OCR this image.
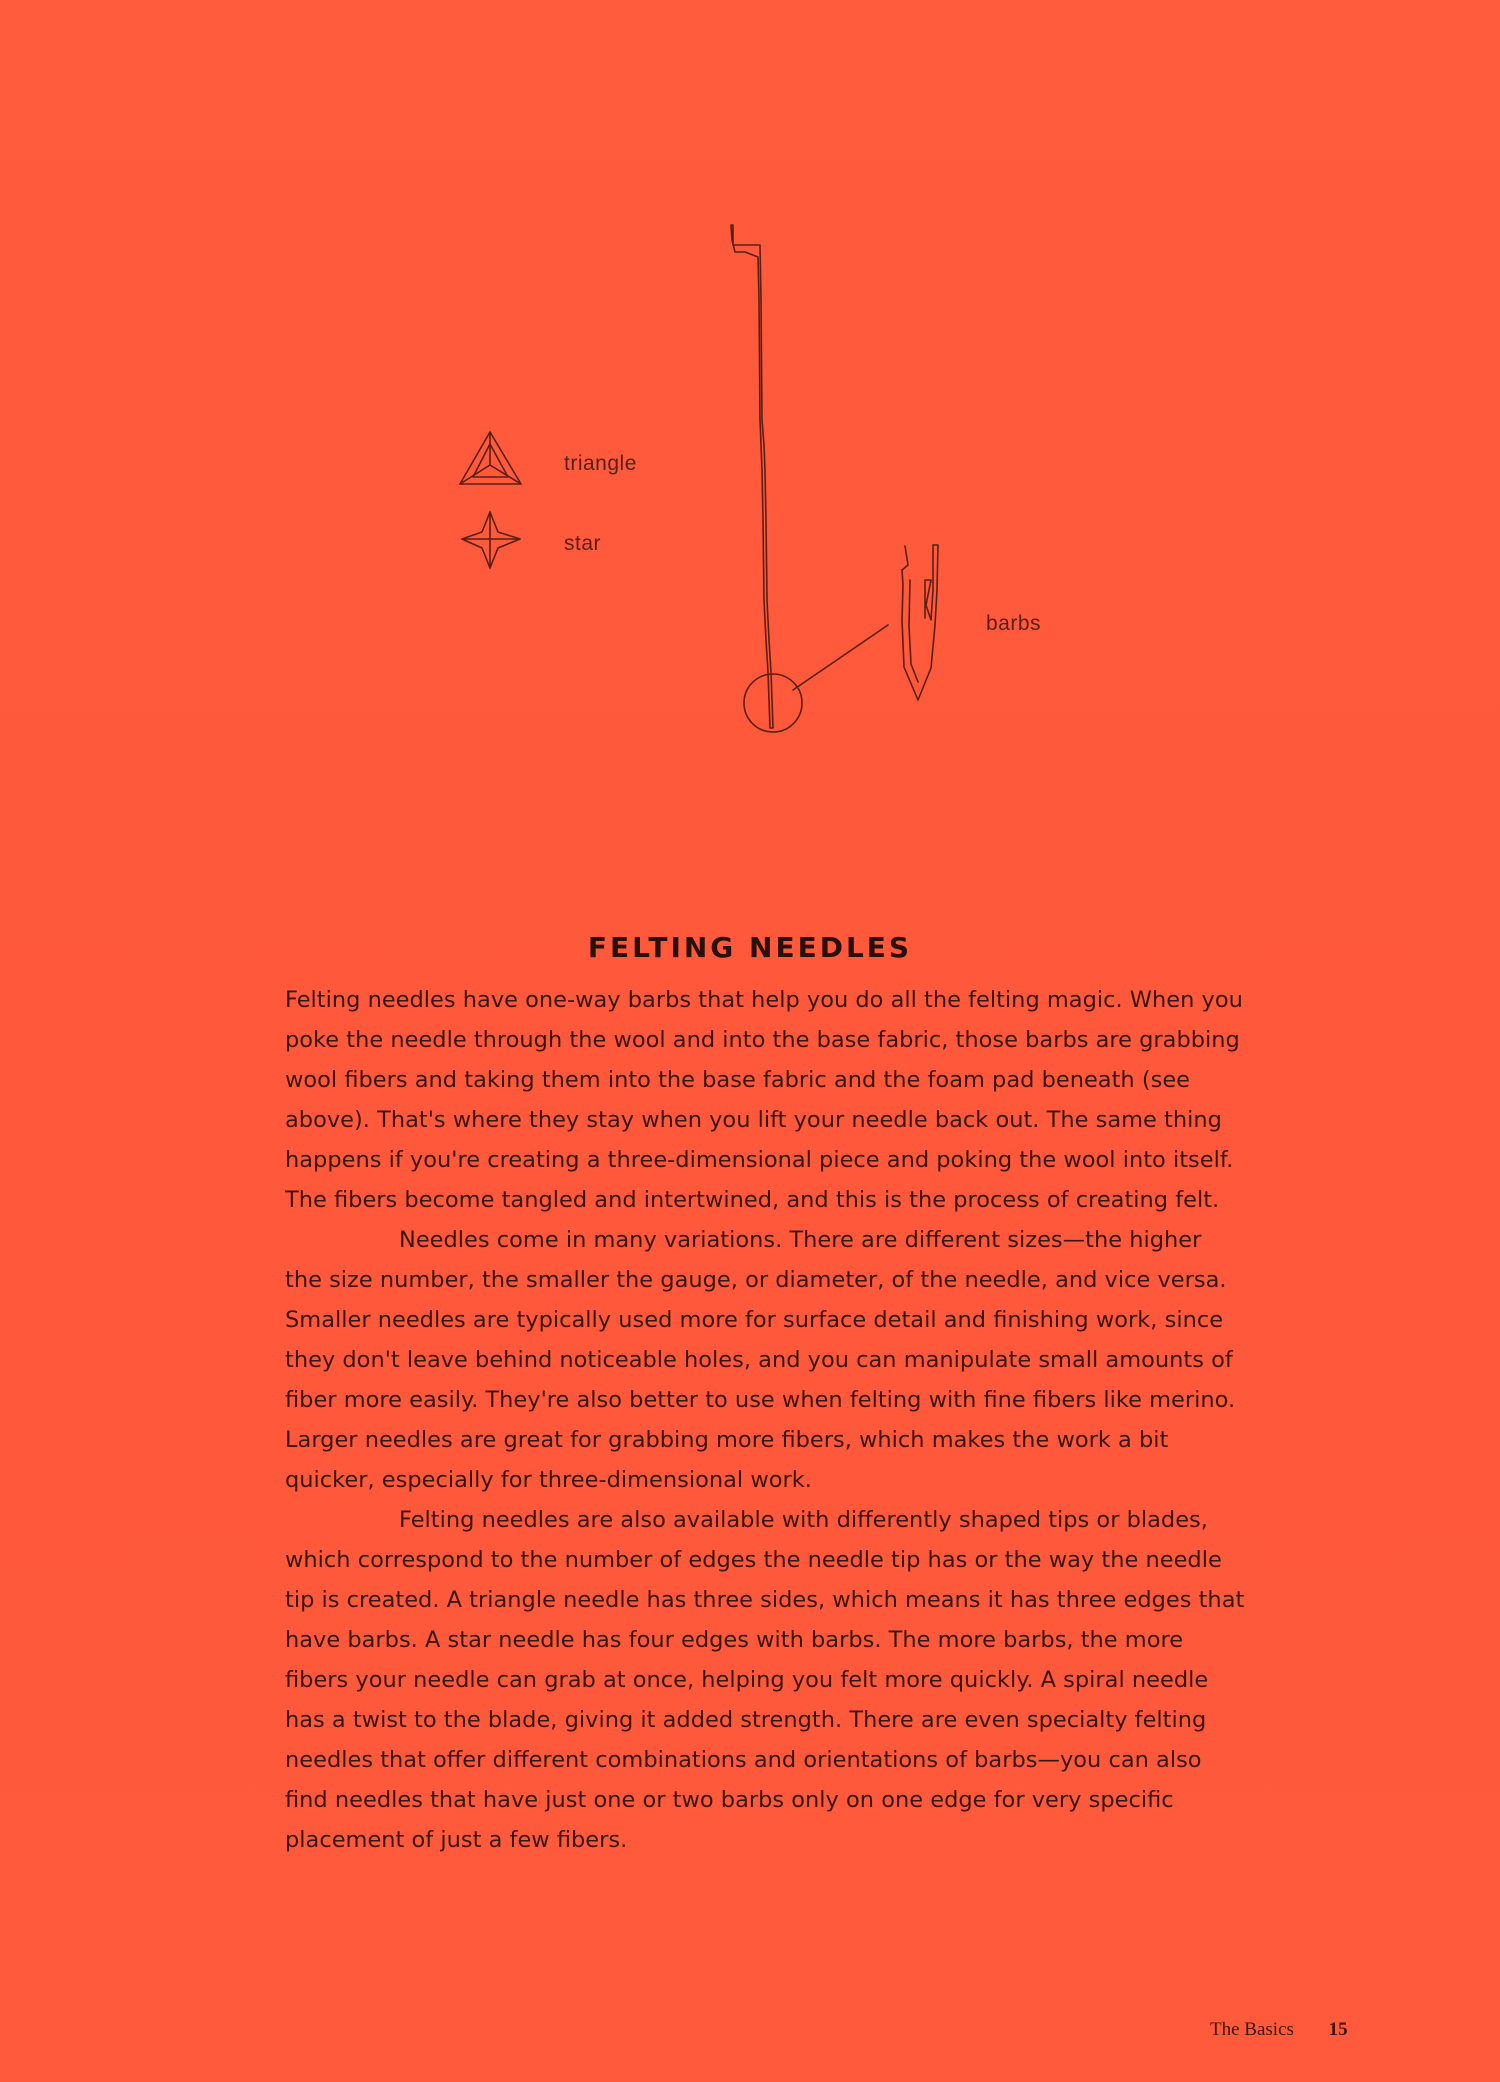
triangle
star
barbs
FELTING NEEDLES

Felting needles have one-way barbs that help you do all the felting magic. When you poke the needle through the wool and into the base fabric, those barbs are grabbing wool fibers and taking them into the base fabric and the foam pad beneath (see above). That's where they stay when you lift your needle back out. The same thing happens if you're creating a three-dimensional piece and poking the wool into itself. The fibers become tangled and intertwined, and this is the process of creating felt.

Needles come in many variations. There are different sizes—the higher the size number, the smaller the gauge, or diameter, of the needle, and vice versa. Smaller needles are typically used more for surface detail and finishing work, since they don't leave behind noticeable holes, and you can manipulate small amounts of fiber more easily. They're also better to use when felting with fine fibers like merino. Larger needles are great for grabbing more fibers, which makes the work a bit quicker, especially for three-dimensional work.

Felting needles are also available with differently shaped tips or blades, which correspond to the number of edges the needle tip has or the way the needle tip is created. A triangle needle has three sides, which means it has three edges that have barbs. A star needle has four edges with barbs. The more barbs, the more fibers your needle can grab at once, helping you felt more quickly. A spiral needle has a twist to the blade, giving it added strength. There are even specialty felting needles that offer different combinations and orientations of barbs—you can also find needles that have just one or two barbs only on one edge for very specific placement of just a few fibers.

The Basics 15
